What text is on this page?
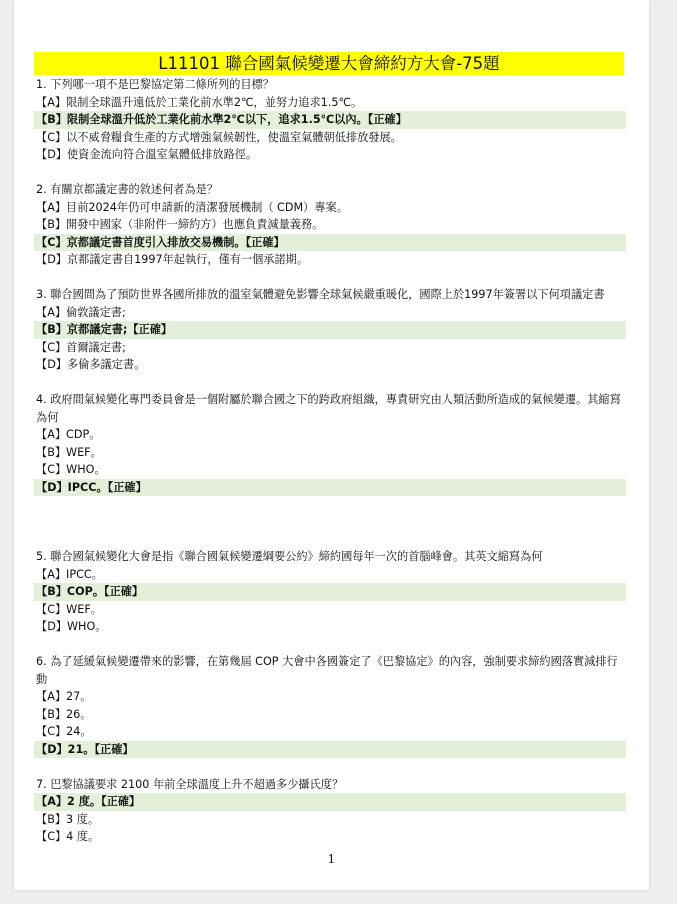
L11101 聯合國氣候變遷大會締約方大會-75題

1. 下列哪一項不是巴黎協定第二條所列的目標？

【A】限制全球溫升遠低於工業化前水準2℃，並努力追求1.5℃。
【B】限制全球溫升低於工業化前水準2℃以下，追求1.5℃以內。【正確】
【C】以不威脅糧食生產的方式增強氣候韌性，使溫室氣體朝低排放發展。
【D】使資金流向符合溫室氣體低排放路徑。

2. 有關京都議定書的敘述何者為是？

【A】目前2024年仍可申請新的清潔發展機制（ CDM）專案。
【B】開發中國家（非附件一締約方）也應負責減量義務。
【C】京都議定書首度引入排放交易機制。【正確】
【D】京都議定書自1997年起執行，僅有一個承諾期。

3. 聯合國間為了預防世界各國所排放的溫室氣體避免影響全球氣候嚴重暖化，國際上於1997年簽署以下何項議定書

【A】倫敦議定書;
【B】京都議定書;【正確】
【C】首爾議定書;
【D】多倫多議定書。

4. 政府間氣候變化專門委員會是一個附屬於聯合國之下的跨政府組織，專責研究由人類活動所造成的氣候變遷。其縮寫為何

【A】CDP。
【B】WEF。
【C】WHO。
【D】IPCC。【正確】

5. 聯合國氣候變化大會是指《聯合國氣候變遷綱要公約》締約國每年一次的首腦峰會。其英文縮寫為何

【A】IPCC。
【B】COP。【正確】
【C】WEF。
【D】WHO。

6. 為了延緩氣候變遷帶來的影響，在第幾屆 COP 大會中各國簽定了《巴黎協定》的內容，強制要求締約國落實減排行動

【A】27。
【B】26。
【C】24。
【D】21。【正確】

7. 巴黎協議要求 2100 年前全球溫度上升不超過多少攝氏度？

【A】2 度。【正確】
【B】3 度。
【C】4 度。
1
